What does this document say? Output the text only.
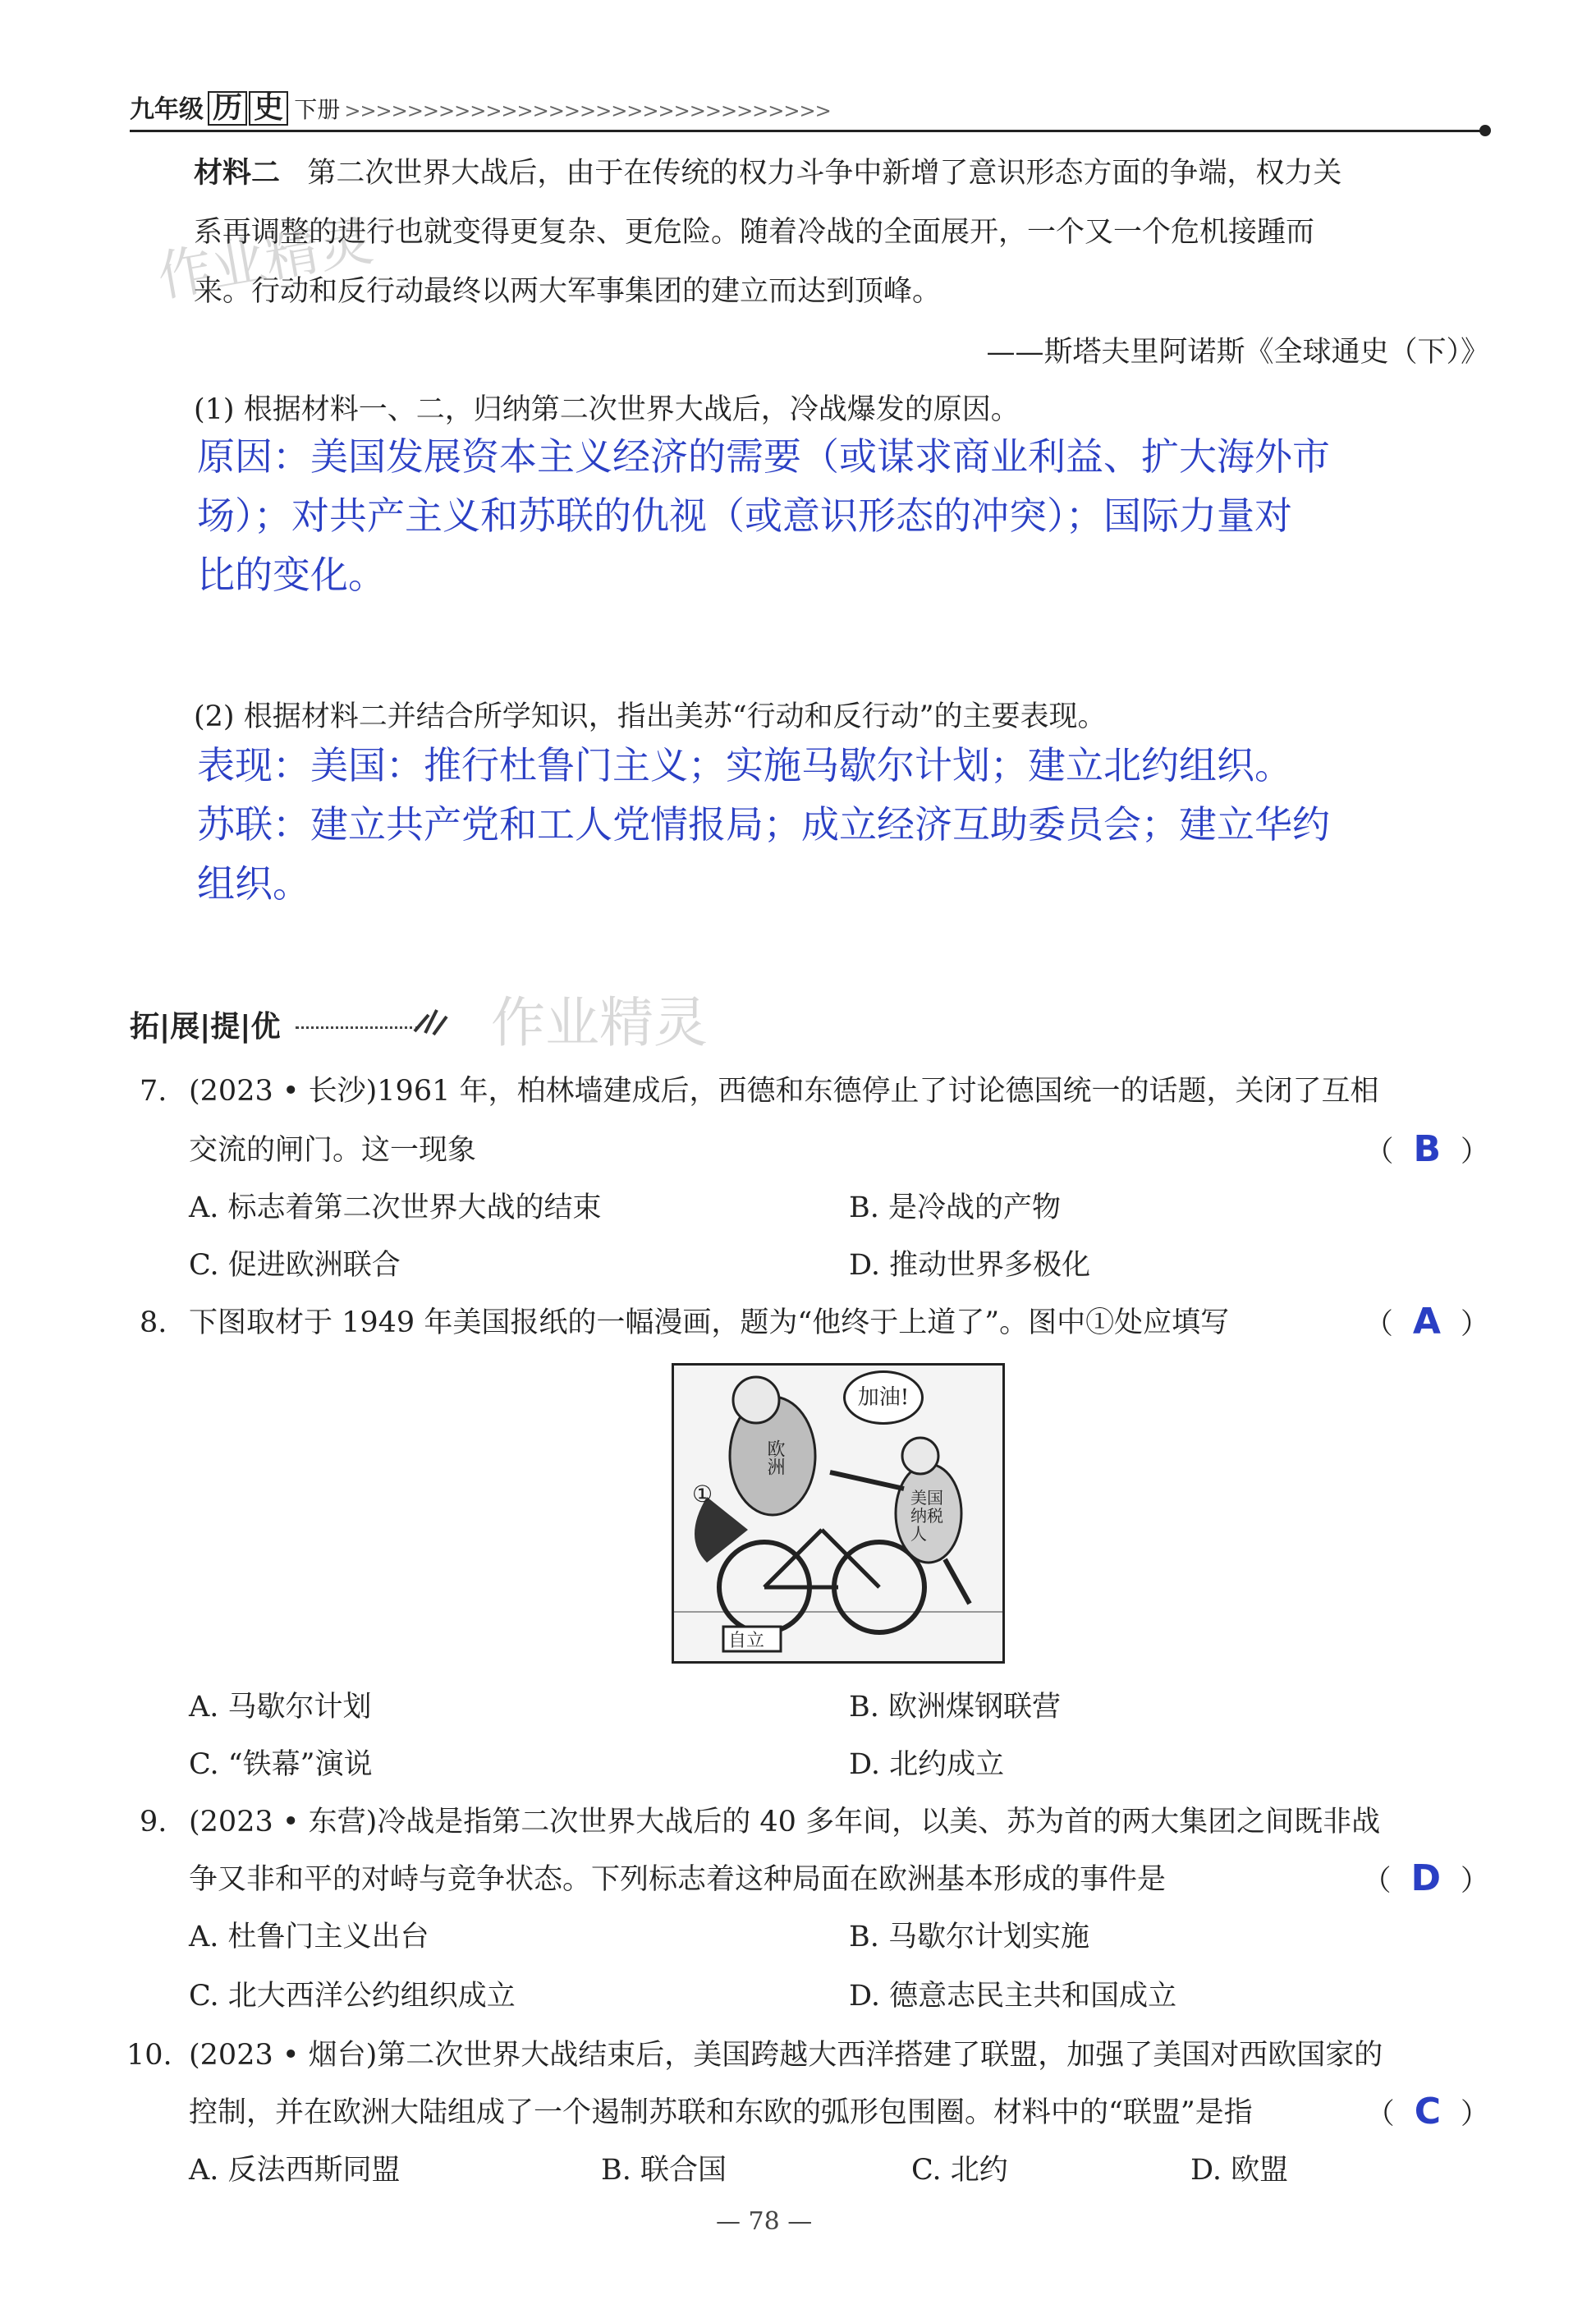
九年级 历 史 下册 >>>>>>>>>>>>>>>>>>>>>>>>>>>>>>>
作业精灵
作业精灵
材料二 第二次世界大战后，由于在传统的权力斗争中新增了意识形态方面的争端，权力关
系再调整的进行也就变得更复杂、更危险。随着冷战的全面展开，一个又一个危机接踵而
来。行动和反行动最终以两大军事集团的建立而达到顶峰。
——斯塔夫里阿诺斯《全球通史（下）》
(1) 根据材料一、二，归纳第二次世界大战后，冷战爆发的原因。
原因：美国发展资本主义经济的需要（或谋求商业利益、扩大海外市
场）；对共产主义和苏联的仇视（或意识形态的冲突）；国际力量对
比的变化。
(2) 根据材料二并结合所学知识，指出美苏“行动和反行动”的主要表现。
表现：美国：推行杜鲁门主义；实施马歇尔计划；建立北约组织。
苏联：建立共产党和工人党情报局；成立经济互助委员会；建立华约
组织。
拓|展|提|优
7. (2023 • 长沙)1961 年，柏林墙建成后，西德和东德停止了讨论德国统一的话题，关闭了互相
交流的闸门。这一现象	（ B ）
A. 标志着第二次世界大战的结束	B. 是冷战的产物
C. 促进欧洲联合	D. 推动世界多极化
8. 下图取材于 1949 年美国报纸的一幅漫画，题为“他终于上道了”。图中①处应填写	（ A ）
加油!
欧洲
美国纳税人
①
自立
A. 马歇尔计划	B. 欧洲煤钢联营
C. “铁幕”演说	D. 北约成立
9. (2023 • 东营)冷战是指第二次世界大战后的 40 多年间，以美、苏为首的两大集团之间既非战
争又非和平的对峙与竞争状态。下列标志着这种局面在欧洲基本形成的事件是	（ D ）
A. 杜鲁门主义出台	B. 马歇尔计划实施
C. 北大西洋公约组织成立	D. 德意志民主共和国成立
10. (2023 • 烟台)第二次世界大战结束后，美国跨越大西洋搭建了联盟，加强了美国对西欧国家的
控制，并在欧洲大陆组成了一个遏制苏联和东欧的弧形包围圈。材料中的“联盟”是指	（ C ）
A. 反法西斯同盟	B. 联合国	C. 北约	D. 欧盟
— 78 —
